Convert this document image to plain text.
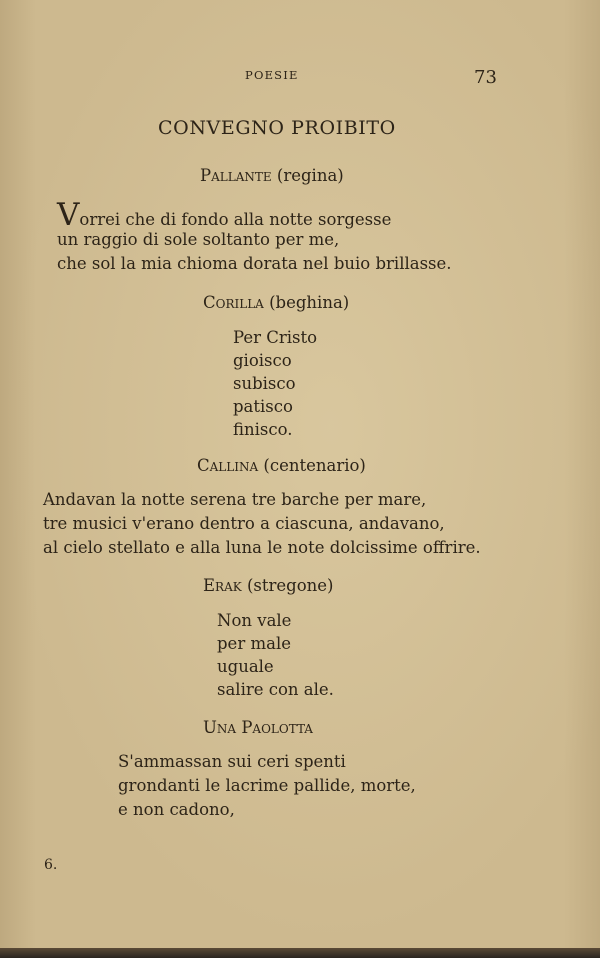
POESIE	73
CONVEGNO PROIBITO
Pallante (regina)
Vorrei che di fondo alla notte sorgesse
un raggio di sole soltanto per me,
che sol la mia chioma dorata nel buio brillasse.
Corilla (beghina)
Per Cristo
gioisco
subisco
patisco
finisco.
Callina (centenario)
Andavan la notte serena tre barche per mare,
tre musici v'erano dentro a ciascuna, andavano,
al cielo stellato e alla luna le note dolcissime offrire.
Erak (stregone)
Non vale
per male
uguale
salire con ale.
Una Paolotta
S'ammassan sui ceri spenti
grondanti le lacrime pallide, morte,
e non cadono,
6.
